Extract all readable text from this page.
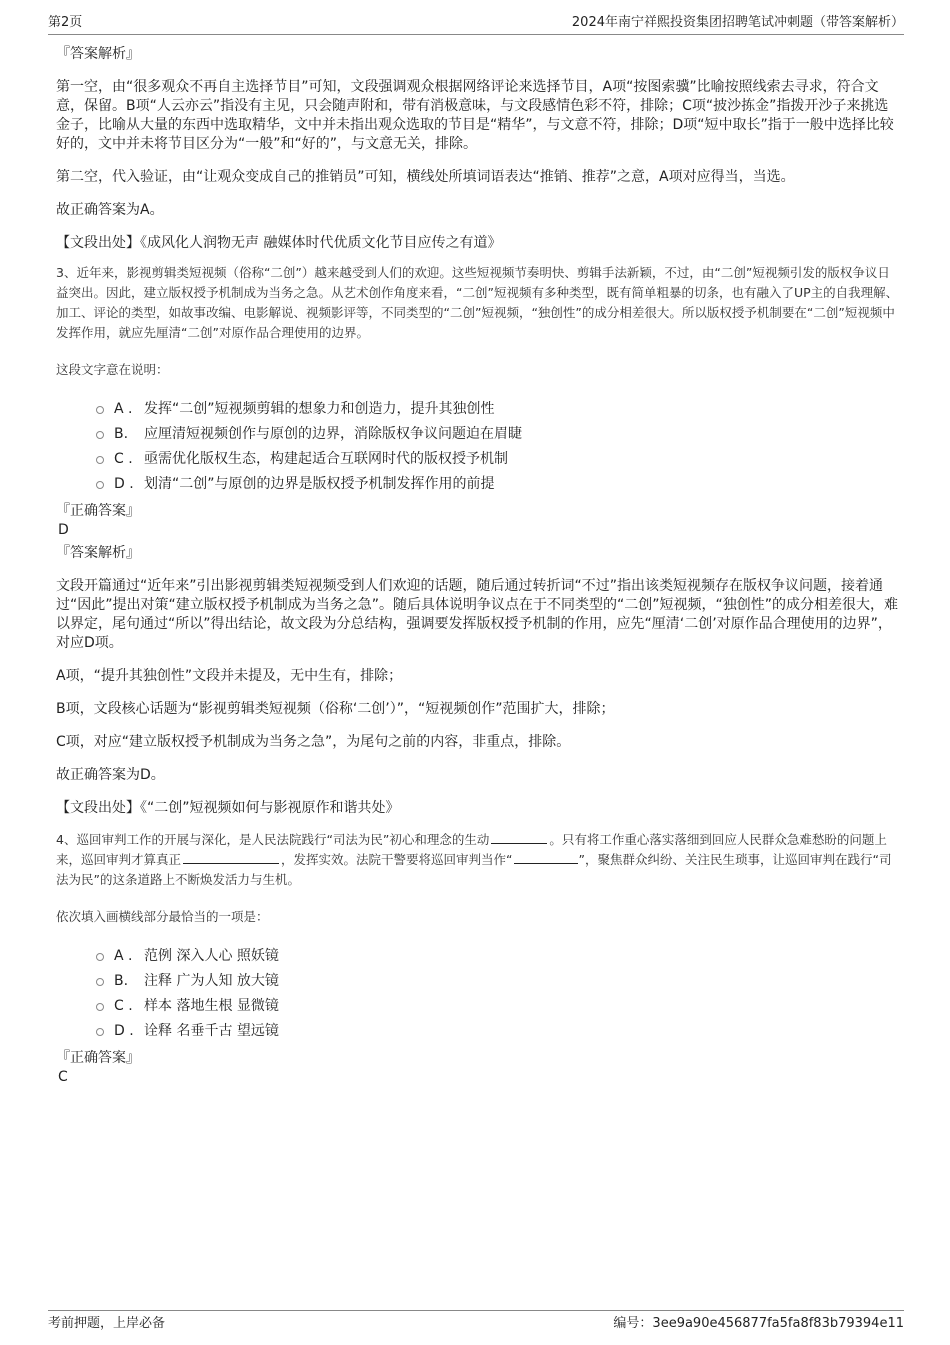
第2页	2024年南宁祥熙投资集团招聘笔试冲刺题（带答案解析）

『答案解析』

第一空，由“很多观众不再自主选择节目”可知，文段强调观众根据网络评论来选择节目，A项“按图索骥”比喻按照线索去寻求，符合文意，保留。B项“人云亦云”指没有主见，只会随声附和，带有消极意味，与文段感情色彩不符，排除；C项“披沙拣金”指拨开沙子来挑选金子，比喻从大量的东西中选取精华，文中并未指出观众选取的节目是“精华”，与文意不符，排除；D项“短中取长”指于一般中选择比较好的，文中并未将节目区分为“一般”和“好的”，与文意无关，排除。

第二空，代入验证，由“让观众变成自己的推销员”可知，横线处所填词语表达“推销、推荐”之意，A项对应得当，当选。

故正确答案为A。

【文段出处】《成风化人润物无声 融媒体时代优质文化节目应传之有道》

3、近年来，影视剪辑类短视频（俗称“二创”）越来越受到人们的欢迎。这些短视频节奏明快、剪辑手法新颖，不过，由“二创”短视频引发的版权争议日益突出。因此，建立版权授予机制成为当务之急。从艺术创作角度来看，“二创”短视频有多种类型，既有简单粗暴的切条，也有融入了UP主的自我理解、加工、评论的类型，如故事改编、电影解说、视频影评等，不同类型的“二创”短视频，“独创性”的成分相差很大。所以版权授予机制要在“二创”短视频中发挥作用，就应先厘清“二创”对原作品合理使用的边界。

这段文字意在说明：

A . 发挥“二创”短视频剪辑的想象力和创造力，提升其独创性
B. 应厘清短视频创作与原创的边界，消除版权争议问题迫在眉睫
C . 亟需优化版权生态，构建起适合互联网时代的版权授予机制
D . 划清“二创”与原创的边界是版权授予机制发挥作用的前提

『正确答案』

D

『答案解析』

文段开篇通过“近年来”引出影视剪辑类短视频受到人们欢迎的话题，随后通过转折词“不过”指出该类短视频存在版权争议问题，接着通过“因此”提出对策“建立版权授予机制成为当务之急”。随后具体说明争议点在于不同类型的“二创”短视频，“独创性”的成分相差很大，难以界定，尾句通过“所以”得出结论，故文段为分总结构，强调要发挥版权授予机制的作用，应先“厘清‘二创’对原作品合理使用的边界”，对应D项。

A项，“提升其独创性”文段并未提及，无中生有，排除；

B项，文段核心话题为“影视剪辑类短视频（俗称‘二创’）”，“短视频创作”范围扩大，排除；

C项，对应“建立版权授予机制成为当务之急”，为尾句之前的内容，非重点，排除。

故正确答案为D。

【文段出处】《“二创”短视频如何与影视原作和谐共处》

4、巡回审判工作的开展与深化，是人民法院践行“司法为民”初心和理念的生动	。只有将工作重心落实落细到回应人民群众急难愁盼的问题上来，巡回审判才算真正	，发挥实效。法院干警要将巡回审判当作“	”，聚焦群众纠纷、关注民生琐事，让巡回审判在践行“司法为民”的这条道路上不断焕发活力与生机。

依次填入画横线部分最恰当的一项是：

A . 范例 深入人心 照妖镜
B. 注释 广为人知 放大镜
C . 样本 落地生根 显微镜
D . 诠释 名垂千古 望远镜

『正确答案』

C

考前押题，上岸必备	编号：3ee9a90e456877fa5fa8f83b79394e11
